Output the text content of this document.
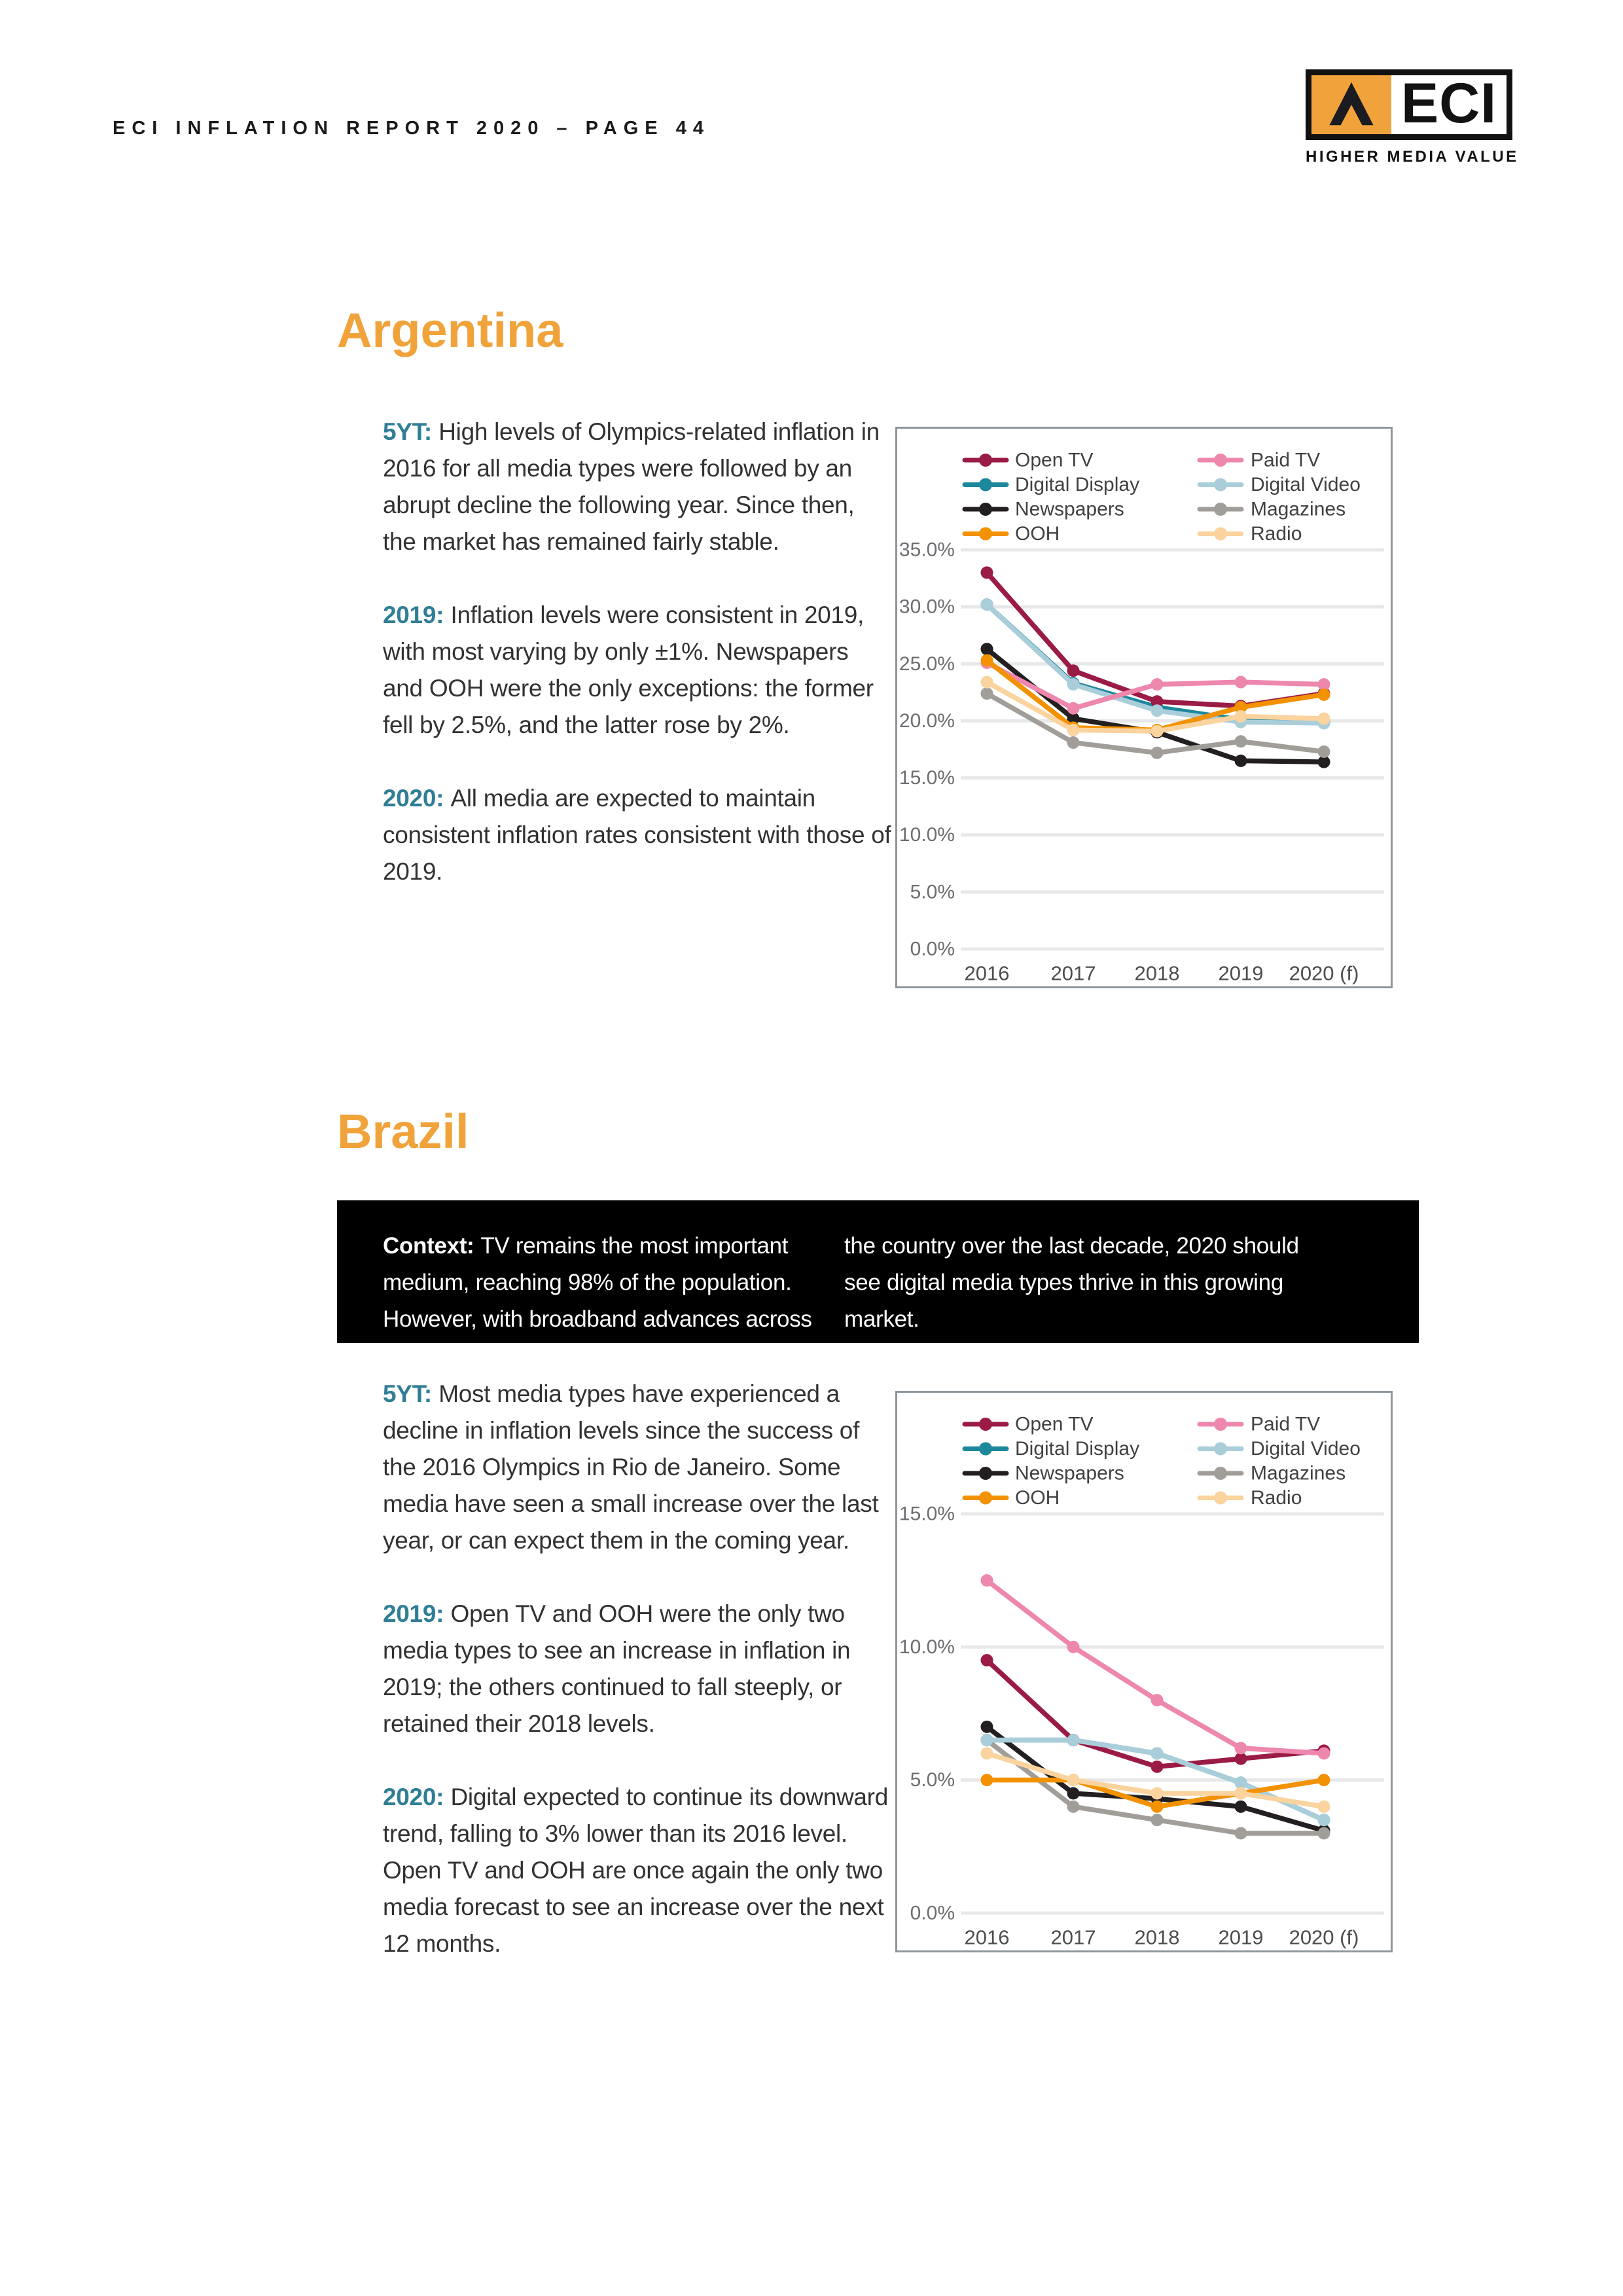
ECI INFLATION REPORT 2020 – PAGE 44	ECI
HIGHER MEDIA VALUE
Argentina

5YT: High levels of Olympics-related inflation in 2016 for all media types were followed by an abrupt decline the following year. Since then, the market has remained fairly stable.

2019: Inflation levels were consistent in 2019, with most varying by only ±1%. Newspapers and OOH were the only exceptions: the former fell by 2.5%, and the latter rose by 2%.

2020: All media are expected to maintain consistent inflation rates consistent with those of 2019.

0.0%
5.0%
10.0%
15.0%
20.0%
25.0%
30.0%
35.0%
2016 2017 2018 2019 2020 (f)
Open TV
Digital Display
Newspapers
OOH
Paid TV
Digital Video
Magazines
Radio
Brazil

Context: TV remains the most important medium, reaching 98% of the population. However, with broadband advances across

the country over the last decade, 2020 should see digital media types thrive in this growing market.

5YT: Most media types have experienced a decline in inflation levels since the success of the 2016 Olympics in Rio de Janeiro. Some media have seen a small increase over the last year, or can expect them in the coming year.

2019: Open TV and OOH were the only two media types to see an increase in inflation in 2019; the others continued to fall steeply, or retained their 2018 levels.

2020: Digital expected to continue its downward trend, falling to 3% lower than its 2016 level. Open TV and OOH are once again the only two media forecast to see an increase over the next 12 months.

0.0%
5.0%
10.0%
15.0%
2016 2017 2018 2019 2020 (f)
Open TV
Digital Display
Newspapers
OOH
Paid TV
Digital Video
Magazines
Radio
